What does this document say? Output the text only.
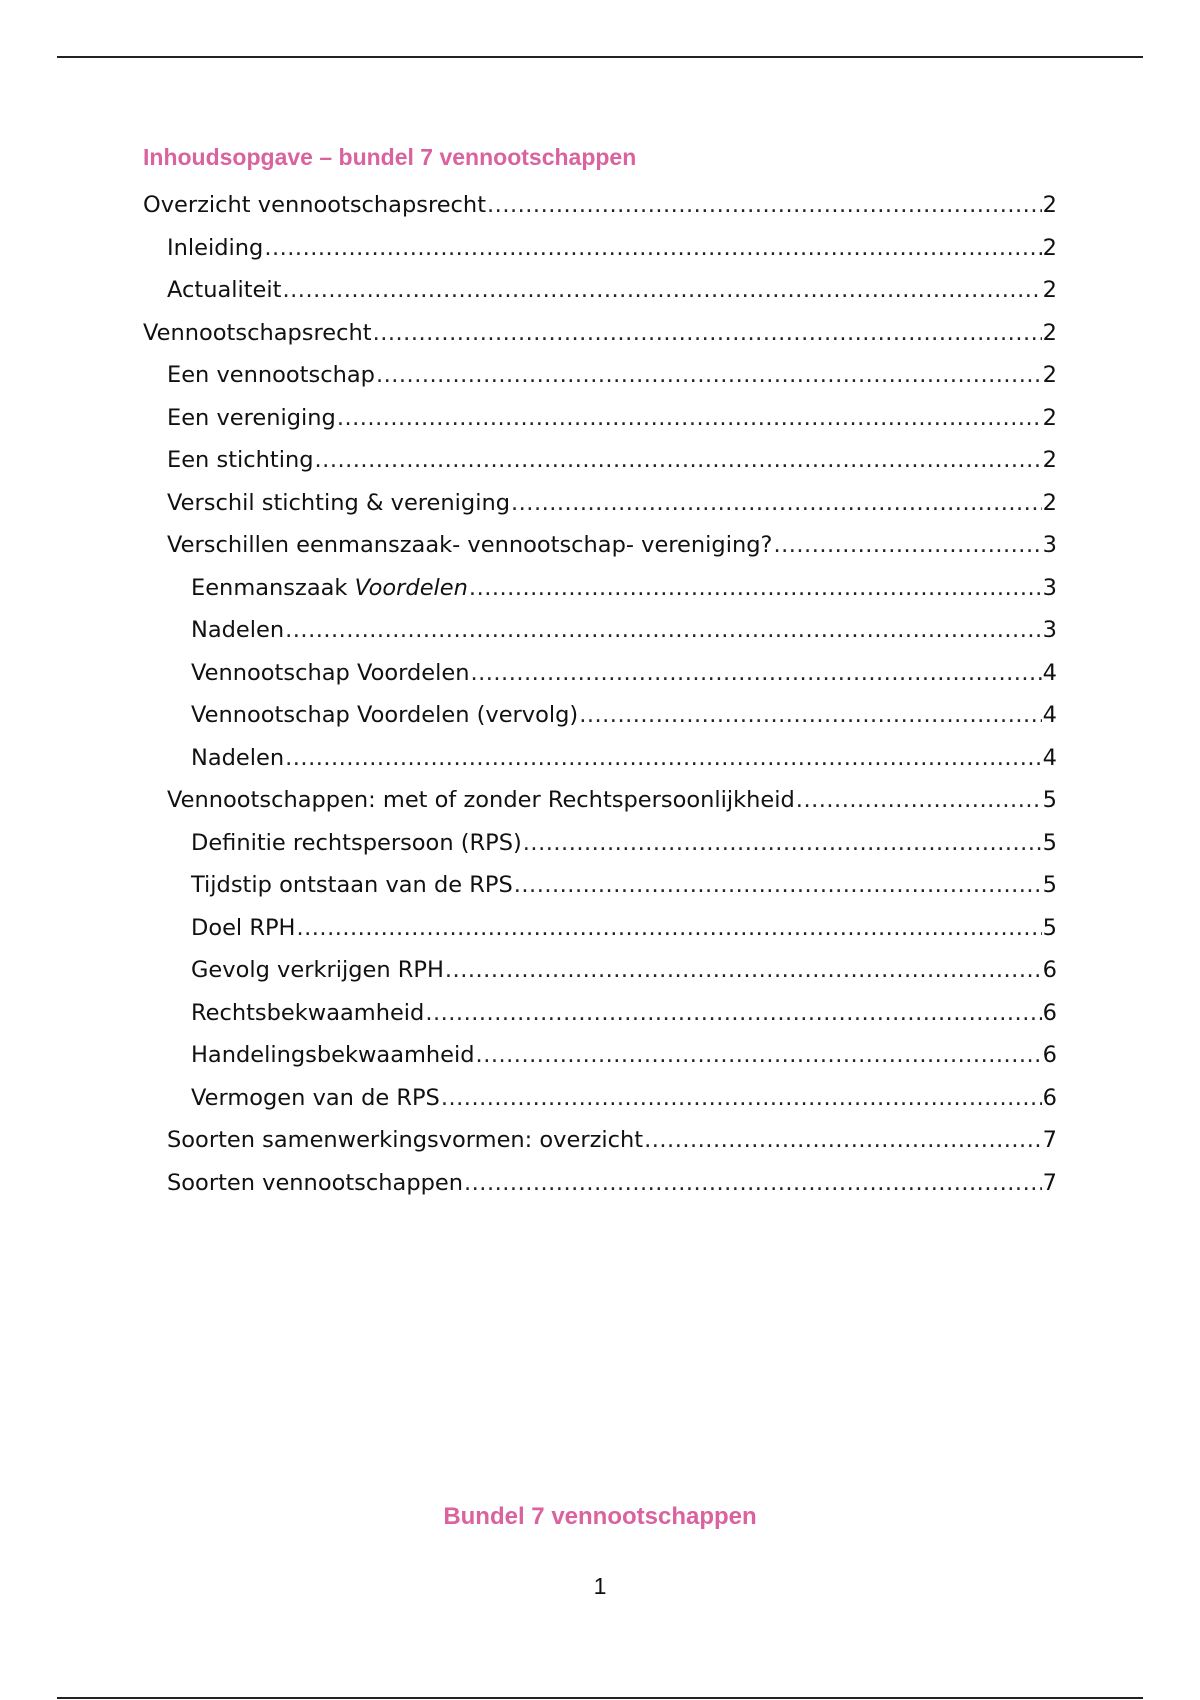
Inhoudsopgave – bundel 7 vennootschappen
Overzicht vennootschapsrecht .....	2
Inleiding .....	2
Actualiteit .....	2
Vennootschapsrecht .....	2
Een vennootschap .....	2
Een vereniging .....	2
Een stichting .....	2
Verschil stichting & vereniging .....	2
Verschillen eenmanszaak- vennootschap- vereniging? .....	3
Eenmanszaak Voordelen .....	3
Nadelen .....	3
Vennootschap Voordelen .....	4
Vennootschap Voordelen (vervolg) .....	4
Nadelen .....	4
Vennootschappen: met of zonder Rechtspersoonlijkheid .....	5
Definitie rechtspersoon (RPS) .....	5
Tijdstip ontstaan van de RPS .....	5
Doel RPH .....	5
Gevolg verkrijgen RPH .....	6
Rechtsbekwaamheid .....	6
Handelingsbekwaamheid .....	6
Vermogen van de RPS .....	6
Soorten samenwerkingsvormen: overzicht .....	7
Soorten vennootschappen .....	7
Bundel 7 vennootschappen
1
